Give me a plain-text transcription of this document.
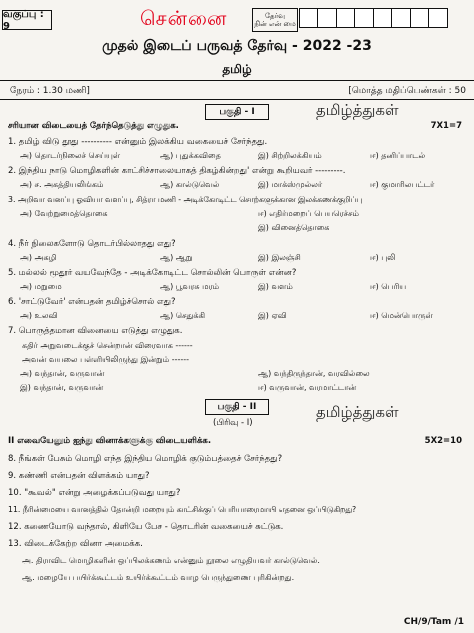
வகுப்பு : 9	சென்னை	தேர்வு
நின் என் மை
முதல் இடைப் பருவத் தேர்வு - 2022 -23
தமிழ்
நேரம் : 1.30 மணி]	[மொத்த மதிப்பெண்கள் : 50
பகுதி - I	தமிழ்த்துகள்
சரியான விடையைத் தேர்ந்தெடுத்து எழுதுக.	7X1=7
1. தமிழ் விடு தூது ---------- என்னும் இலக்கிய வகையைச் சேர்ந்தது.
அ) தொடர்நிலைச் செய்யுள்	ஆ) புதுக்கவிதை	இ) சிற்றிலக்கியம்	ஈ) தனிப்பாடல்
2. இந்திய நாடு மொழிகளின் காட்சிச்சாலையாகத் திகழ்கின்றது' என்று கூறியவர் ---------.
அ) ச. அகத்தியலிங்கம்	ஆ) கால்டுவெல்	இ) மாக்ஸ்முல்லர்	ஈ) குமாரிலபட்டர்
3. அறிவா வனப்பு ஓவியா வளப்பு, சித்ரா மணி - அடிக்கோடிட்ட சொற்களுக்கான இலக்கணக்குறிப்பு
அ) வேற்றுமைத்தொகை	ஈ) எதிர்மறைப் பெயரெச்சம்
இ) வினைத்தொகை
4. நீர் நிலைகளோடு தொடர்பில்லாதது எது?
அ) அகழி	ஆ) ஆறு	இ) இலஞ்சி	ஈ) புலி
5. மல்லல் மூதூர் வயவேந்தே - அடிக்கோடிட்ட சொல்லின் பொருள் என்ன?
அ) மறுமை	ஆ) பூவரசு மரம்	இ) வளம்	ஈ) பெரிய
6. 'சாட்டுவேர்' என்பதன் தமிழ்ச்சொல் எது?
அ) உலவி	ஆ) செதுக்கி	இ) ஏவி	ஈ) மென்பொருள்
7. பொருத்தமான வினையை எடுத்து எழுதுக.
கதிர் அறுவடைக்குச் சென்றான் விரைவாக ------
அவன் வயலை பள்ளியிலிருந்து இன்றும் ------
அ) வந்தான், வருவான்	ஆ) வந்திருந்தான், வரவில்லை
இ) வந்தான், வருவான்	ஈ) வருவான், வரமாட்டான்
பகுதி - II	தமிழ்த்துகள்
(பிரிவு - I)
II எவையேனும் ஐந்து வினாக்களுக்கு விடையளிக்க.	5X2=10
8. நீங்கள் பேசும் மொழி எந்த இந்திய மொழிக் குடும்பத்தைச் சேர்ந்தது?
9. கண்ணி என்பதன் விளக்கம் யாது?
10. "கூவல்" என்று அழைக்கப்படுவது யாது?
11. நீரின்மையை வானத்தில் தோன்றி மறையும் காட்சிக்குப் பெரியாரைமாயி எதனை ஒப்பிடுகிறது?
12. கணையோடு வந்தால், கிளியே பேச - தொடரின் வகையைச் சுட்டுக.
13. விடைக்கேற்ற வினா அமைக்க.
அ. திராவிட மொழிகளின் ஒப்பிலக்கணம் என்னும் நூலை எழுதியவர் கால்டுவெல்.
ஆ. மழையே பயிர்க்கூட்டம் உயிர்க்கூட்டம் வாழ பெருந்துணை புரிகின்றது.
CH/9/Tam /1
